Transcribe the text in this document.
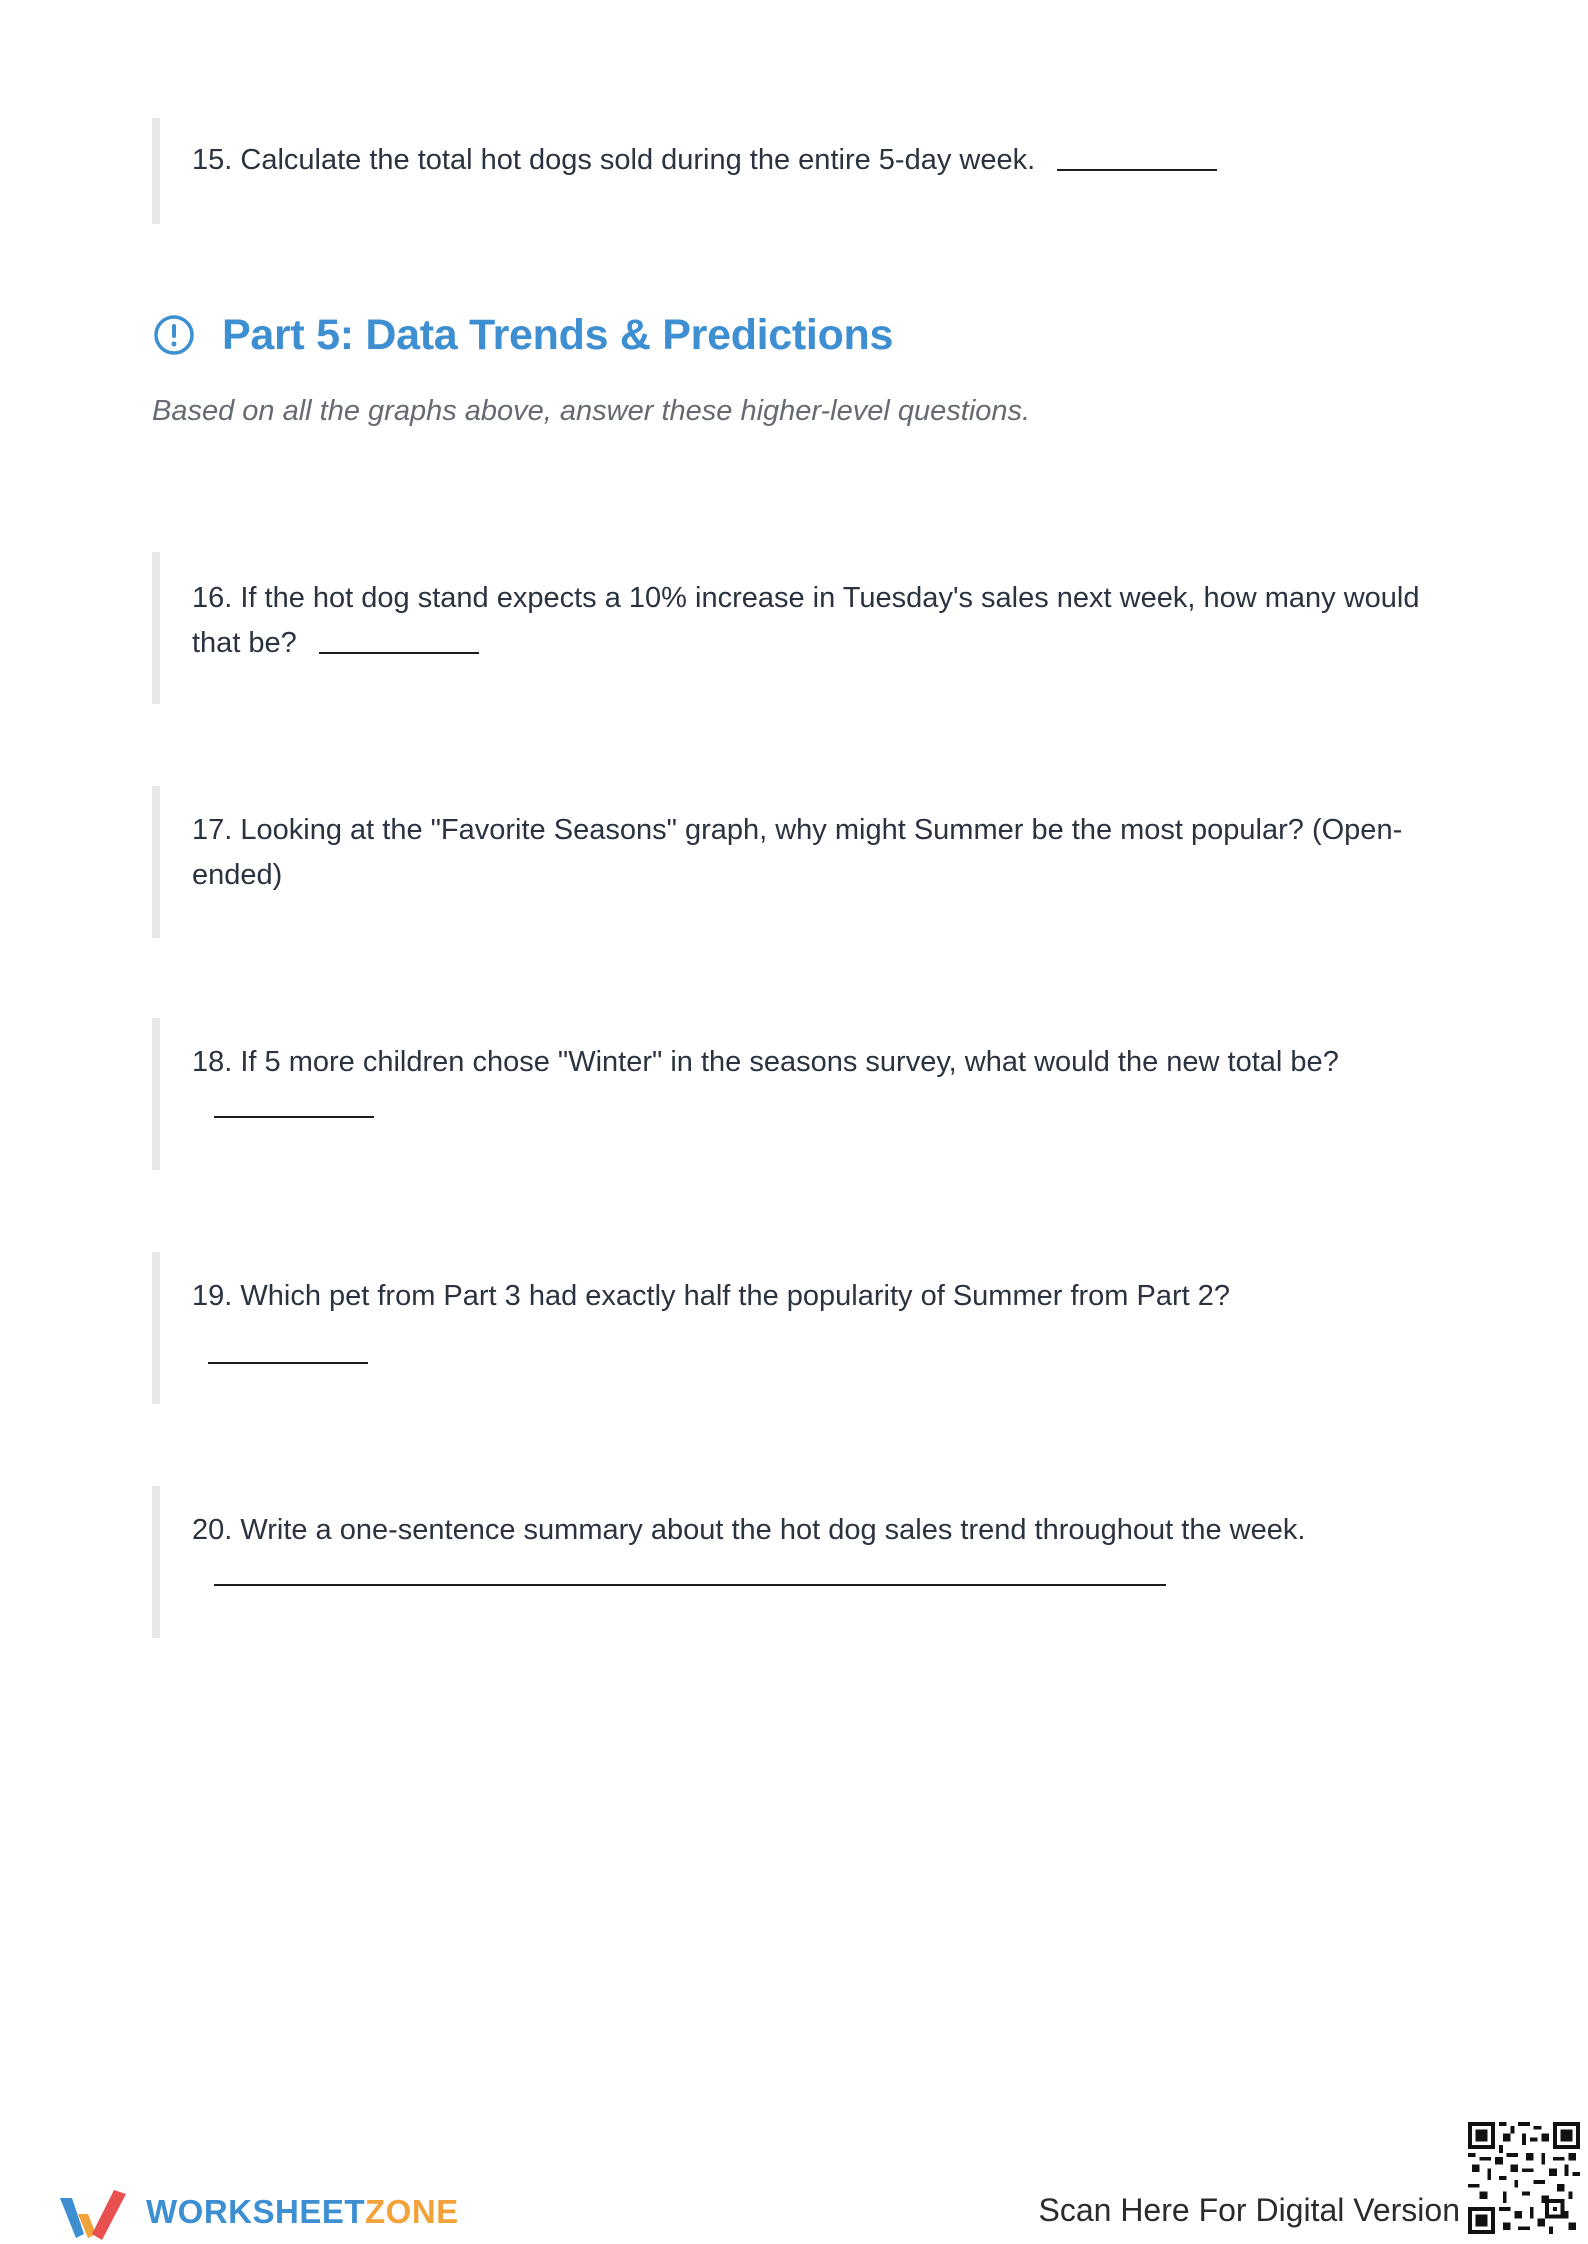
15. Calculate the total hot dogs sold during the entire 5-day week.
Part 5: Data Trends & Predictions
Based on all the graphs above, answer these higher-level questions.
16. If the hot dog stand expects a 10% increase in Tuesday's sales next week, how many would that be?
17. Looking at the "Favorite Seasons" graph, why might Summer be the most popular? (Open-ended)
18. If 5 more children chose "Winter" in the seasons survey, what would the new total be?
19. Which pet from Part 3 had exactly half the popularity of Summer from Part 2?
20. Write a one-sentence summary about the hot dog sales trend throughout the week.
WORKSHEETZONE	Scan Here For Digital Version
